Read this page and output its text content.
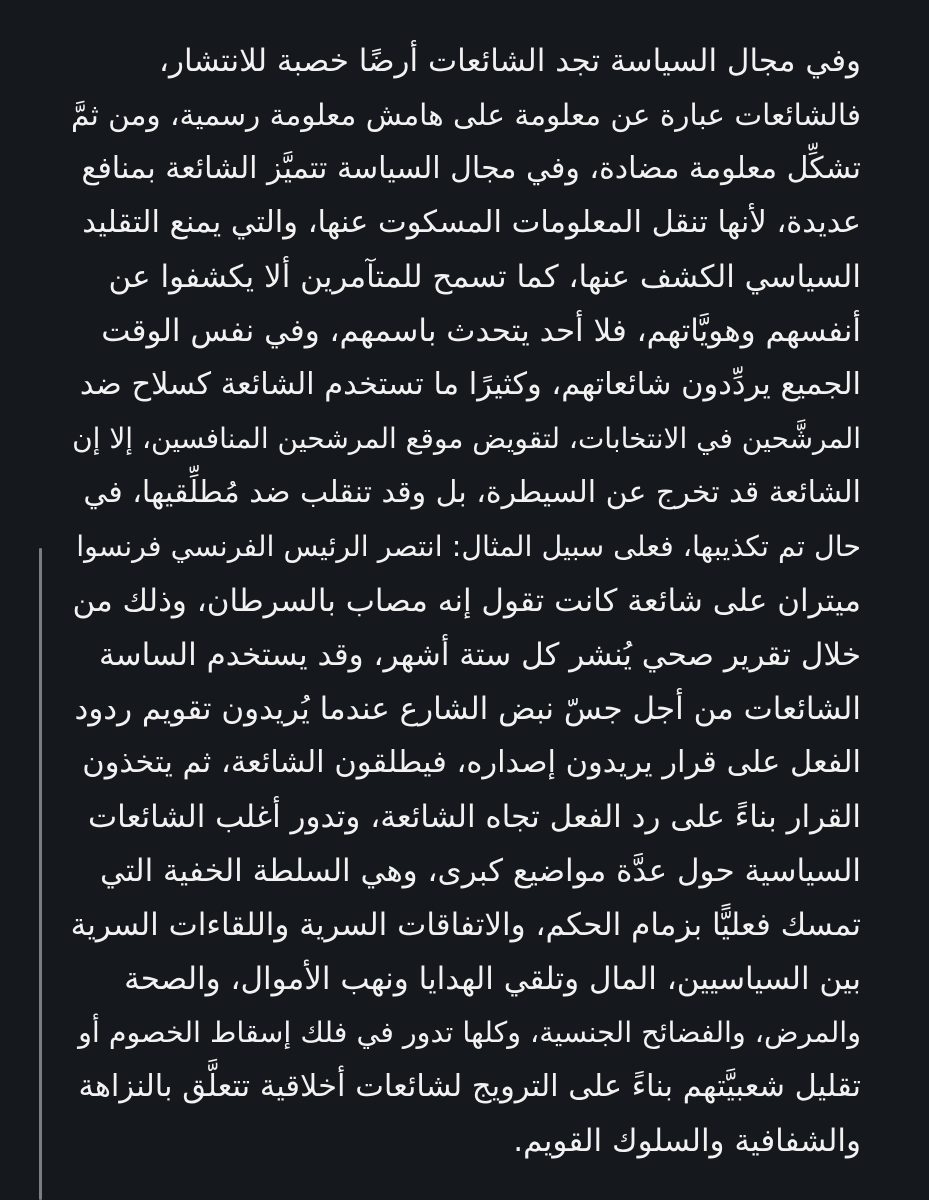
وفي مجال السياسة تجد الشائعات أرضًا خصبة للانتشار،
فالشائعات عبارة عن معلومة على هامش معلومة رسمية، ومن ثمَّ
تشكِّل معلومة مضادة، وفي مجال السياسة تتميَّز الشائعة بمنافع
عديدة، لأنها تنقل المعلومات المسكوت عنها، والتي يمنع التقليد
السياسي الكشف عنها، كما تسمح للمتآمرين ألا يكشفوا عن
أنفسهم وهويَّاتهم، فلا أحد يتحدث باسمهم، وفي نفس الوقت
الجميع يردِّدون شائعاتهم، وكثيرًا ما تستخدم الشائعة كسلاح ضد
المرشَّحين في الانتخابات، لتقويض موقع المرشحين المنافسين، إلا إن
الشائعة قد تخرج عن السيطرة، بل وقد تنقلب ضد مُطلِّقيها، في
حال تم تكذيبها، فعلى سبيل المثال: انتصر الرئيس الفرنسي فرنسوا
ميتران على شائعة كانت تقول إنه مصاب بالسرطان، وذلك من
خلال تقرير صحي يُنشر كل ستة أشهر، وقد يستخدم الساسة
الشائعات من أجل جسّ نبض الشارع عندما يُريدون تقويم ردود
الفعل على قرار يريدون إصداره، فيطلقون الشائعة، ثم يتخذون
القرار بناءً على رد الفعل تجاه الشائعة، وتدور أغلب الشائعات
السياسية حول عدَّة مواضيع كبرى، وهي السلطة الخفية التي
تمسك فعليًّا بزمام الحكم، والاتفاقات السرية واللقاءات السرية
بين السياسيين، المال وتلقي الهدايا ونهب الأموال، والصحة
والمرض، والفضائح الجنسية، وكلها تدور في فلك إسقاط الخصوم أو
تقليل شعبيَّتهم بناءً على الترويج لشائعات أخلاقية تتعلَّق بالنزاهة
والشفافية والسلوك القويم.
